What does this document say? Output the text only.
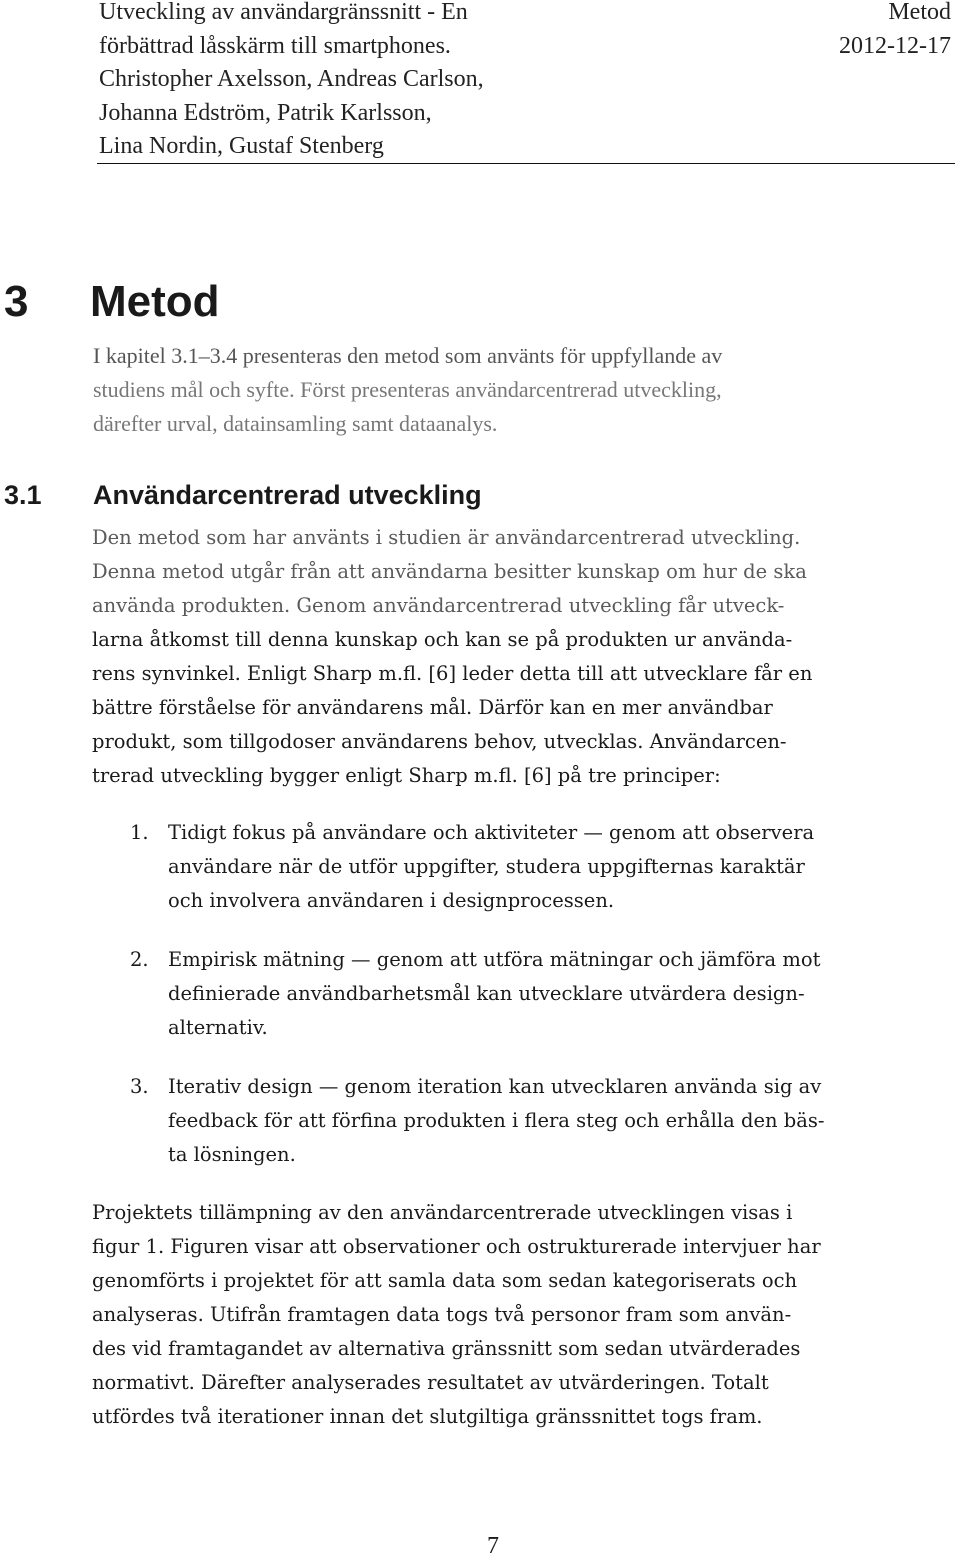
Utveckling av användargränssnitt - En
förbättrad låsskärm till smartphones.
Christopher Axelsson, Andreas Carlson,
Johanna Edström, Patrik Karlsson,
Lina Nordin, Gustaf Stenberg
Metod
2012-12-17
3 Metod

I kapitel 3.1–3.4 presenteras den metod som använts för uppfyllande av
studiens mål och syfte. Först presenteras användarcentrerad utveckling,
därefter urval, datainsamling samt dataanalys.

3.1 Användarcentrerad utveckling

Den metod som har använts i studien är användarcentrerad utveckling.
Denna metod utgår från att användarna besitter kunskap om hur de ska
använda produkten. Genom användarcentrerad utveckling får utveck-
larna åtkomst till denna kunskap och kan se på produkten ur använda-
rens synvinkel. Enligt Sharp m.fl. [6] leder detta till att utvecklare får en
bättre förståelse för användarens mål. Därför kan en mer användbar
produkt, som tillgodoser användarens behov, utvecklas. Användarcen-
trerad utveckling bygger enligt Sharp m.fl. [6] på tre principer:

1. Tidigt fokus på användare och aktiviteter — genom att observera
användare när de utför uppgifter, studera uppgifternas karaktär
och involvera användaren i designprocessen.
2. Empirisk mätning — genom att utföra mätningar och jämföra mot
definierade användbarhetsmål kan utvecklare utvärdera design-
alternativ.
3. Iterativ design — genom iteration kan utvecklaren använda sig av
feedback för att förfina produkten i flera steg och erhålla den bäs-
ta lösningen.

Projektets tillämpning av den användarcentrerade utvecklingen visas i
figur 1. Figuren visar att observationer och ostrukturerade intervjuer har
genomförts i projektet för att samla data som sedan kategoriserats och
analyseras. Utifrån framtagen data togs två personor fram som använ-
des vid framtagandet av alternativa gränssnitt som sedan utvärderades
normativt. Därefter analyserades resultatet av utvärderingen. Totalt
utfördes två iterationer innan det slutgiltiga gränssnittet togs fram.

7
